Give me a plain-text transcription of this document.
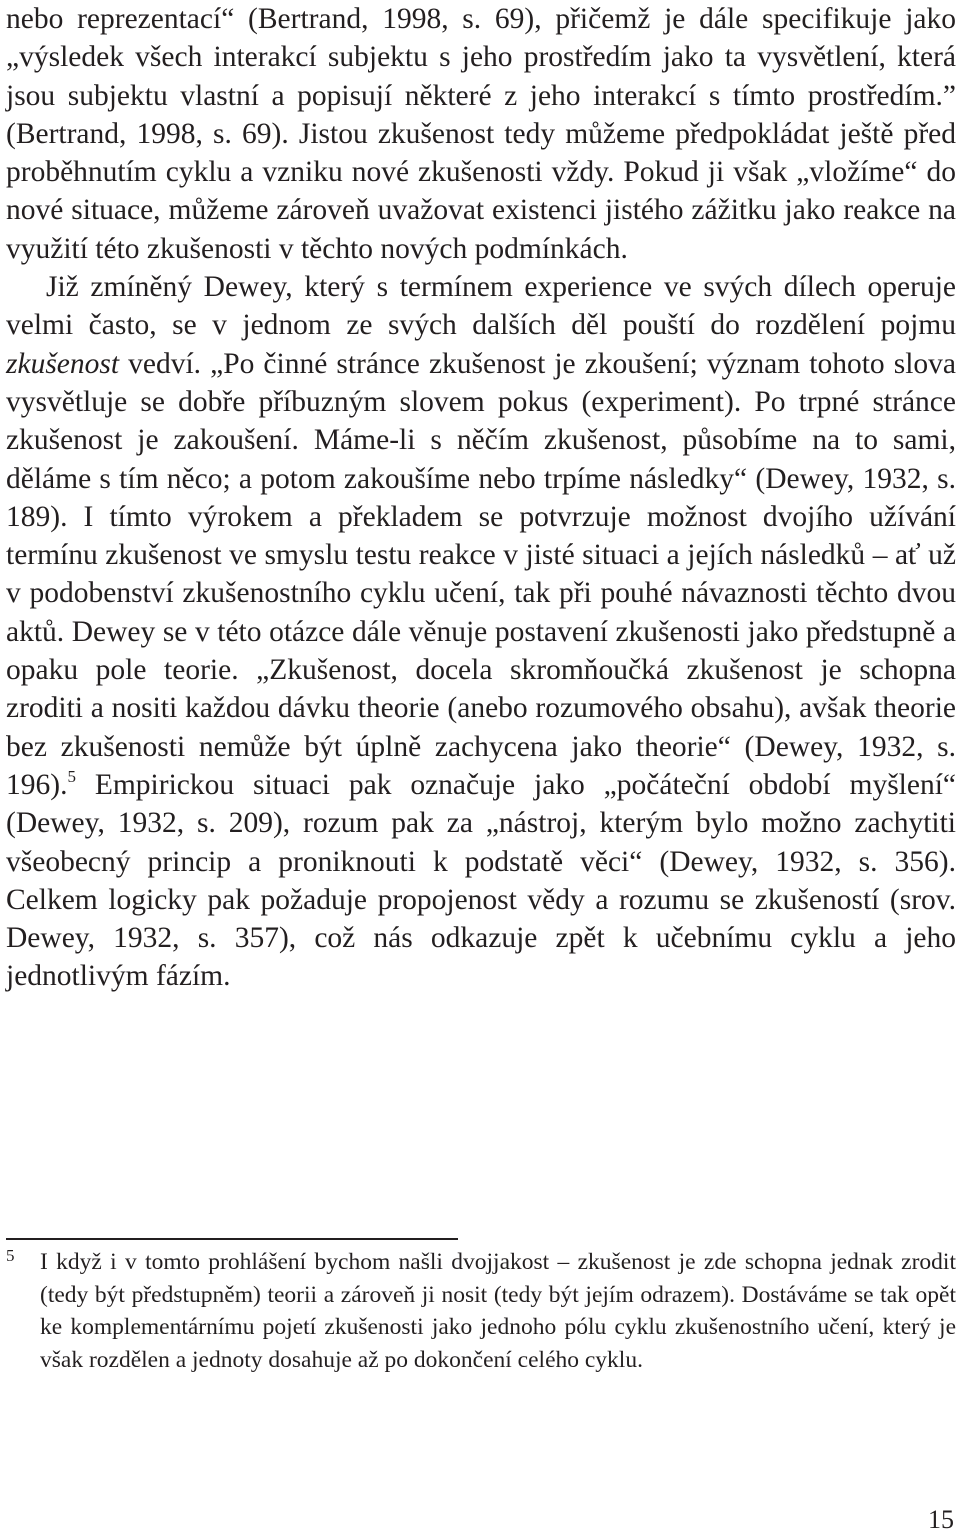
nebo reprezentací“ (Bertrand, 1998, s. 69), přičemž je dále specifikuje jako „výsledek všech interakcí subjektu s jeho prostředím jako ta vysvětlení, která jsou subjektu vlastní a popisují některé z jeho interakcí s tímto prostředím.” (Bertrand, 1998, s. 69). Jistou zkušenost tedy můžeme předpokládat ještě před proběhnutím cyklu a vzniku nové zkušenosti vždy. Pokud ji však „vložíme“ do nové situace, můžeme zároveň uvažovat existenci jistého zážitku jako reakce na využití této zkušenosti v těchto nových podmínkách.

Již zmíněný Dewey, který s termínem experience ve svých dílech operuje velmi často, se v jednom ze svých dalších děl pouští do rozdělení pojmu zkušenost vedví. „Po činné stránce zkušenost je zkoušení; význam tohoto slova vysvětluje se dobře příbuzným slovem pokus (experiment). Po trpné stránce zkušenost je zakoušení. Máme-li s něčím zkušenost, působíme na to sami, děláme s tím něco; a potom zakoušíme nebo trpíme následky“ (Dewey, 1932, s. 189). I tímto výrokem a překladem se potvrzuje možnost dvojího užívání termínu zkušenost ve smyslu testu reakce v jisté situaci a jejích následků – ať už v podobenství zkušenostního cyklu učení, tak při pouhé návaznosti těchto dvou aktů. Dewey se v této otázce dále věnuje postavení zkušenosti jako předstupně a opaku pole teorie. „Zkušenost, docela skromňoučká zkušenost je schopna zroditi a nositi každou dávku theorie (anebo rozumového obsahu), avšak theorie bez zkušenosti nemůže být úplně zachycena jako theorie“ (Dewey, 1932, s. 196).$^5$ Empirickou situaci pak označuje jako „počáteční období myšlení“ (Dewey, 1932, s. 209), rozum pak za „nástroj, kterým bylo možno zachytiti všeobecný princip a proniknouti k podstatě věci“ (Dewey, 1932, s. 356). Celkem logicky pak požaduje propojenost vědy a rozumu se zkušeností (srov. Dewey, 1932, s. 357), což nás odkazuje zpět k učebnímu cyklu a jeho jednotlivým fázím.

5 I když i v tomto prohlášení bychom našli dvojjakost – zkušenost je zde schopna jednak zrodit (tedy být předstupněm) teorii a zároveň ji nosit (tedy být jejím odrazem). Dostáváme se tak opět ke komplementárnímu pojetí zkušenosti jako jednoho pólu cyklu zkušenostního učení, který je však rozdělen a jednoty dosahuje až po dokončení celého cyklu.
15
